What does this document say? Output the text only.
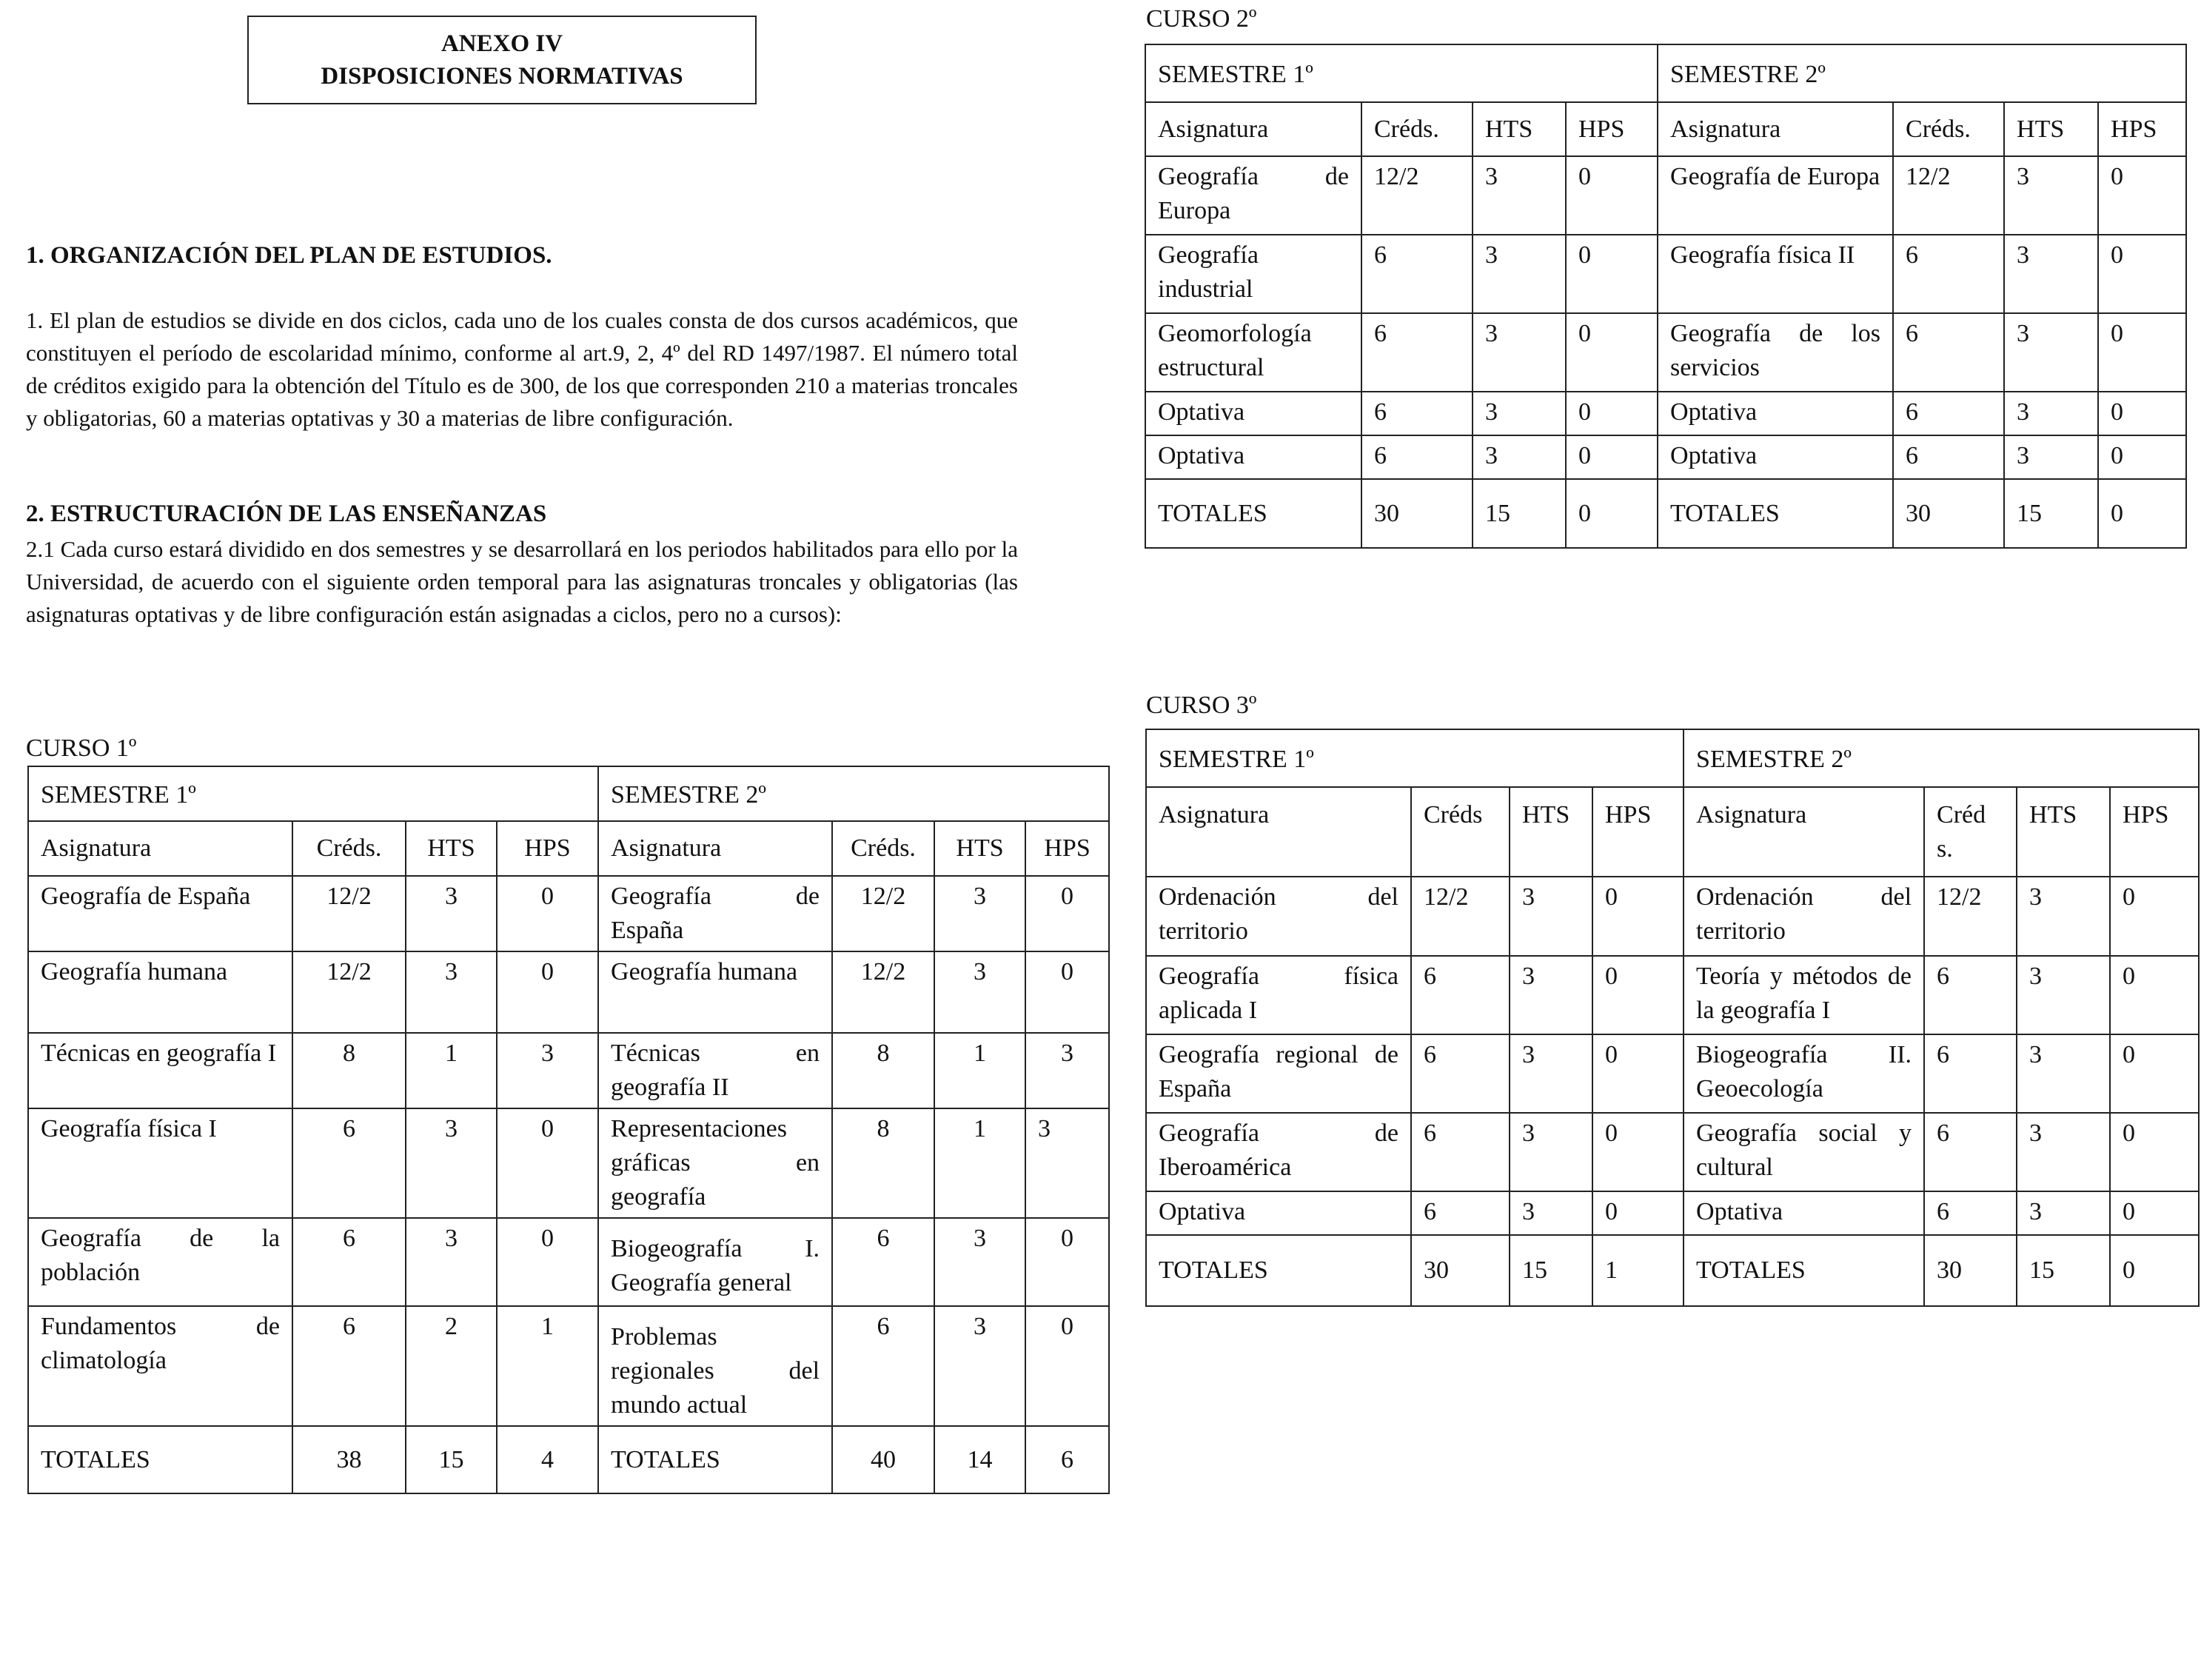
ANEXO IV
DISPOSICIONES NORMATIVAS
1. ORGANIZACIÓN DEL PLAN DE ESTUDIOS.
1. El plan de estudios se divide en dos ciclos, cada uno de los cuales consta de dos cursos académicos, que constituyen el período de escolaridad mínimo, conforme al art.9, 2, 4º del RD 1497/1987. El número total de créditos exigido para la obtención del Título es de 300, de los que corresponden 210 a materias troncales y obligatorias, 60 a materias optativas y 30 a materias de libre configuración.
2. ESTRUCTURACIÓN DE LAS ENSEÑANZAS
2.1 Cada curso estará dividido en dos semestres y se desarrollará en los periodos habilitados para ello por la Universidad, de acuerdo con el siguiente orden temporal para las asignaturas troncales y obligatorias (las asignaturas optativas y de libre configuración están asignadas a ciclos, pero no a cursos):
CURSO 1º
SEMESTRE 1º				SEMESTRE 2º			
Asignatura	Créds.	HTS	HPS	Asignatura	Créds.	HTS	HPS
Geografía de España	12/2	3	0	Geografía de España	12/2	3	0
Geografía humana	12/2	3	0	Geografía humana	12/2	3	0
Técnicas en geografía I	8	1	3	Técnicas en geografía II	8	1	3
Geografía física I	6	3	0	Representaciones gráficas en geografía	8	1	3
Geografía de la población	6	3	0	Biogeografía I. Geografía general	6	3	0
Fundamentos de climatología	6	2	1	Problemas regionales del mundo actual	6	3	0
TOTALES	38	15	4	TOTALES	40	14	6
CURSO 2º
SEMESTRE 1º				SEMESTRE 2º			
Asignatura	Créds.	HTS	HPS	Asignatura	Créds.	HTS	HPS
Geografía de Europa	12/2	3	0	Geografía de Europa	12/2	3	0
Geografía industrial	6	3	0	Geografía física II	6	3	0
Geomorfología estructural	6	3	0	Geografía de los servicios	6	3	0
Optativa	6	3	0	Optativa	6	3	0
Optativa	6	3	0	Optativa	6	3	0
TOTALES	30	15	0	TOTALES	30	15	0
CURSO 3º
SEMESTRE 1º				SEMESTRE 2º			
Asignatura	Créds	HTS	HPS	Asignatura	Créd s.	HTS	HPS
Ordenación del territorio	12/2	3	0	Ordenación del territorio	12/2	3	0
Geografía física aplicada I	6	3	0	Teoría y métodos de la geografía I	6	3	0
Geografía regional de España	6	3	0	Biogeografía II. Geoecología	6	3	0
Geografía de Iberoamérica	6	3	0	Geografía social y cultural	6	3	0
Optativa	6	3	0	Optativa	6	3	0
TOTALES	30	15	1	TOTALES	30	15	0
